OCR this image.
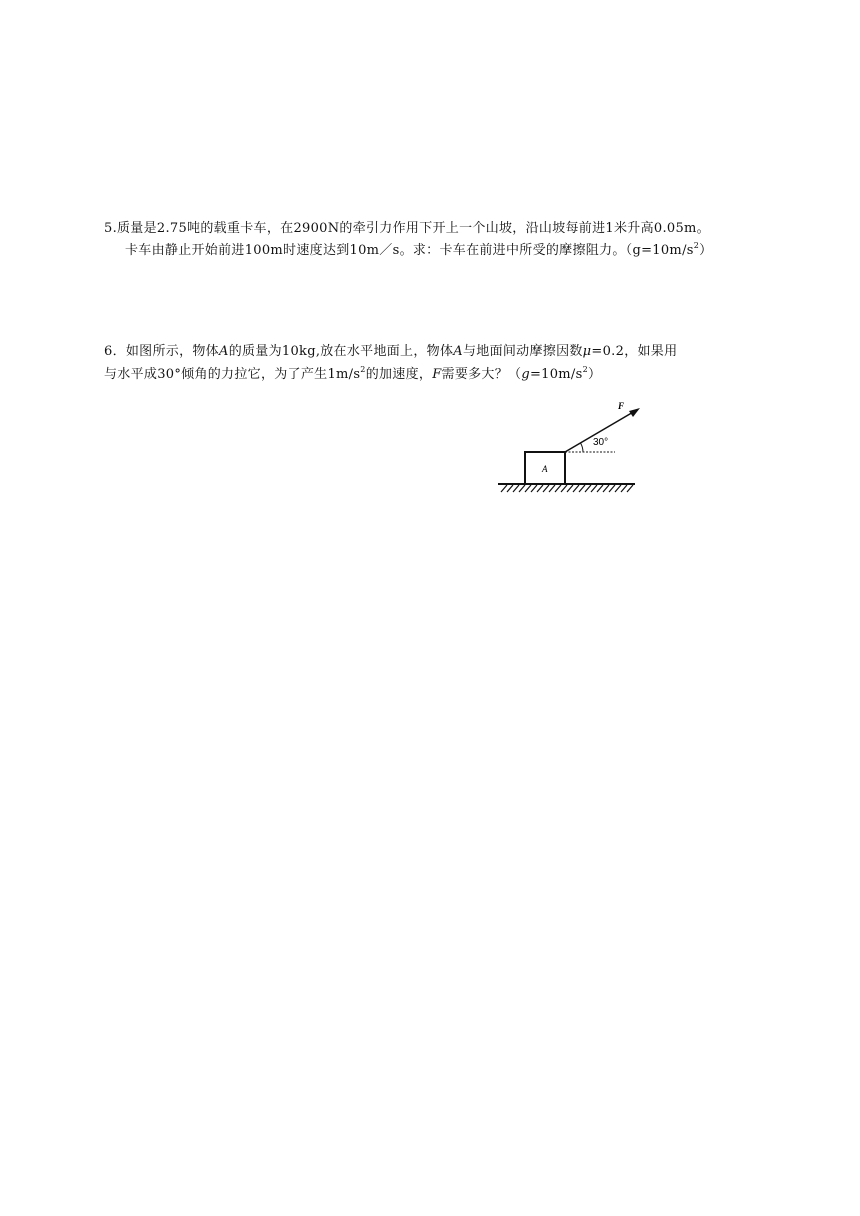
5.质量是2.75吨的载重卡车，在2900N的牵引力作用下开上一个山坡，沿山坡每前进1米升高0.05m。
卡车由静止开始前进100m时速度达到10m／s。求：卡车在前进中所受的摩擦阻力。$(g=10m/s^2)$
6．如图所示，物体A的质量为10kg,放在水平地面上，物体A与地面间动摩擦因数μ=0.2，如果用
与水平成30°倾角的力拉它，为了产生$1m/s^2$的加速度，F需要多大？$(g=10m/s^2)$
A
30°
F
